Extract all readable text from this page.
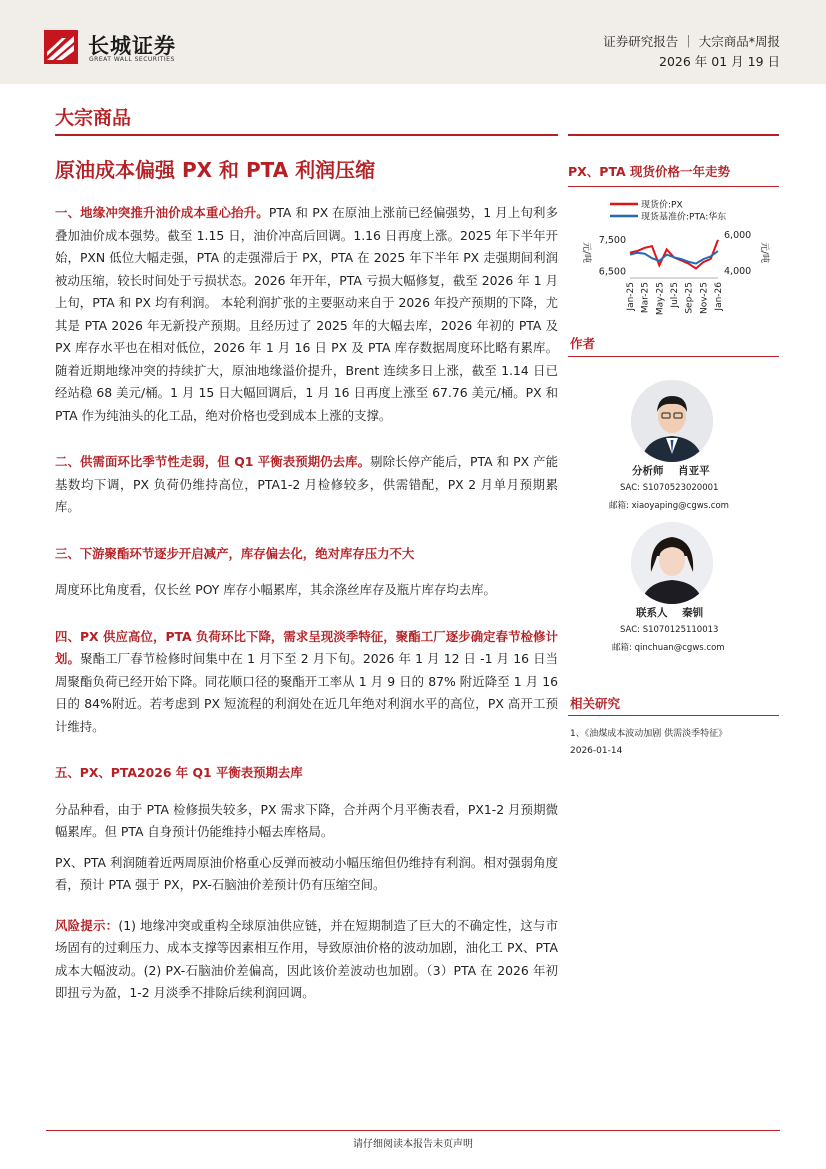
长城证券
GREAT WALL SECURITIES
证券研究报告 ｜ 大宗商品*周报
2026 年 01 月 19 日
大宗商品
原油成本偏强 PX 和 PTA 利润压缩

一、地缘冲突推升油价成本重心抬升。PTA 和 PX 在原油上涨前已经偏强势，1 月上旬利多叠加油价成本强势。截至 1.15 日，油价冲高后回调。1.16 日再度上涨。2025 年下半年开始，PXN 低位大幅走强，PTA 的走强滞后于 PX，PTA 在 2025 年下半年 PX 走强期间利润被动压缩，较长时间处于亏损状态。2026 年开年，PTA 亏损大幅修复，截至 2026 年 1 月上旬，PTA 和 PX 均有利润。 本轮利润扩张的主要驱动来自于 2026 年投产预期的下降，尤其是 PTA 2026 年无新投产预期。且经历过了 2025 年的大幅去库，2026 年初的 PTA 及 PX 库存水平也在相对低位，2026 年 1 月 16 日 PX 及 PTA 库存数据周度环比略有累库。随着近期地缘冲突的持续扩大，原油地缘溢价提升，Brent 连续多日上涨，截至 1.14 日已经站稳 68 美元/桶。1 月 15 日大幅回调后，1 月 16 日再度上涨至 67.76 美元/桶。PX 和 PTA 作为纯油头的化工品，绝对价格也受到成本上涨的支撑。

二、供需面环比季节性走弱，但 Q1 平衡表预期仍去库。剔除长停产能后，PTA 和 PX 产能基数均下调，PX 负荷仍维持高位，PTA1-2 月检修较多，供需错配，PX 2 月单月预期累库。

三、下游聚酯环节逐步开启减产，库存偏去化，绝对库存压力不大

周度环比角度看，仅长丝 POY 库存小幅累库，其余涤丝库存及瓶片库存均去库。

四、PX 供应高位，PTA 负荷环比下降，需求呈现淡季特征，聚酯工厂逐步确定春节检修计划。聚酯工厂春节检修时间集中在 1 月下至 2 月下旬。2026 年 1 月 12 日 -1 月 16 日当周聚酯负荷已经开始下降。同花顺口径的聚酯开工率从 1 月 9 日的 87% 附近降至 1 月 16 日的 84%附近。若考虑到 PX 短流程的利润处在近几年绝对利润水平的高位，PX 高开工预计维持。

五、PX、PTA2026 年 Q1 平衡表预期去库

分品种看，由于 PTA 检修损失较多，PX 需求下降，合并两个月平衡表看，PX1-2 月预期微幅累库。但 PTA 自身预计仍能维持小幅去库格局。

PX、PTA 利润随着近两周原油价格重心反弹而被动小幅压缩但仍维持有利润。相对强弱角度看，预计 PTA 强于 PX，PX-石脑油价差预计仍有压缩空间。

风险提示：(1) 地缘冲突或重构全球原油供应链，并在短期制造了巨大的不确定性，这与市场固有的过剩压力、成本支撑等因素相互作用，导致原油价格的波动加剧，油化工 PX、PTA 成本大幅波动。(2) PX-石脑油价差偏高，因此该价差波动也加剧。（3）PTA 在 2026 年初即扭亏为盈，1-2 月淡季不排除后续利润回调。

PX、PTA 现货价格一年走势
现货价:PX
现货基准价:PTA:华东
元/吨	元/吨
6,500
7,500
4,000
6,000
Jan-25 Mar-25 May-25 Jul-25 Sep-25 Nov-25 Jan-26
作者
分析师 肖亚平
SAC: S1070523020001
邮箱: xiaoyaping@cgws.com
联系人 秦钏
SAC: S1070125110013
邮箱: qinchuan@cgws.com
相关研究
1、《油煤成本波动加剧 供需淡季特征》
2026-01-14
请仔细阅读本报告末页声明
